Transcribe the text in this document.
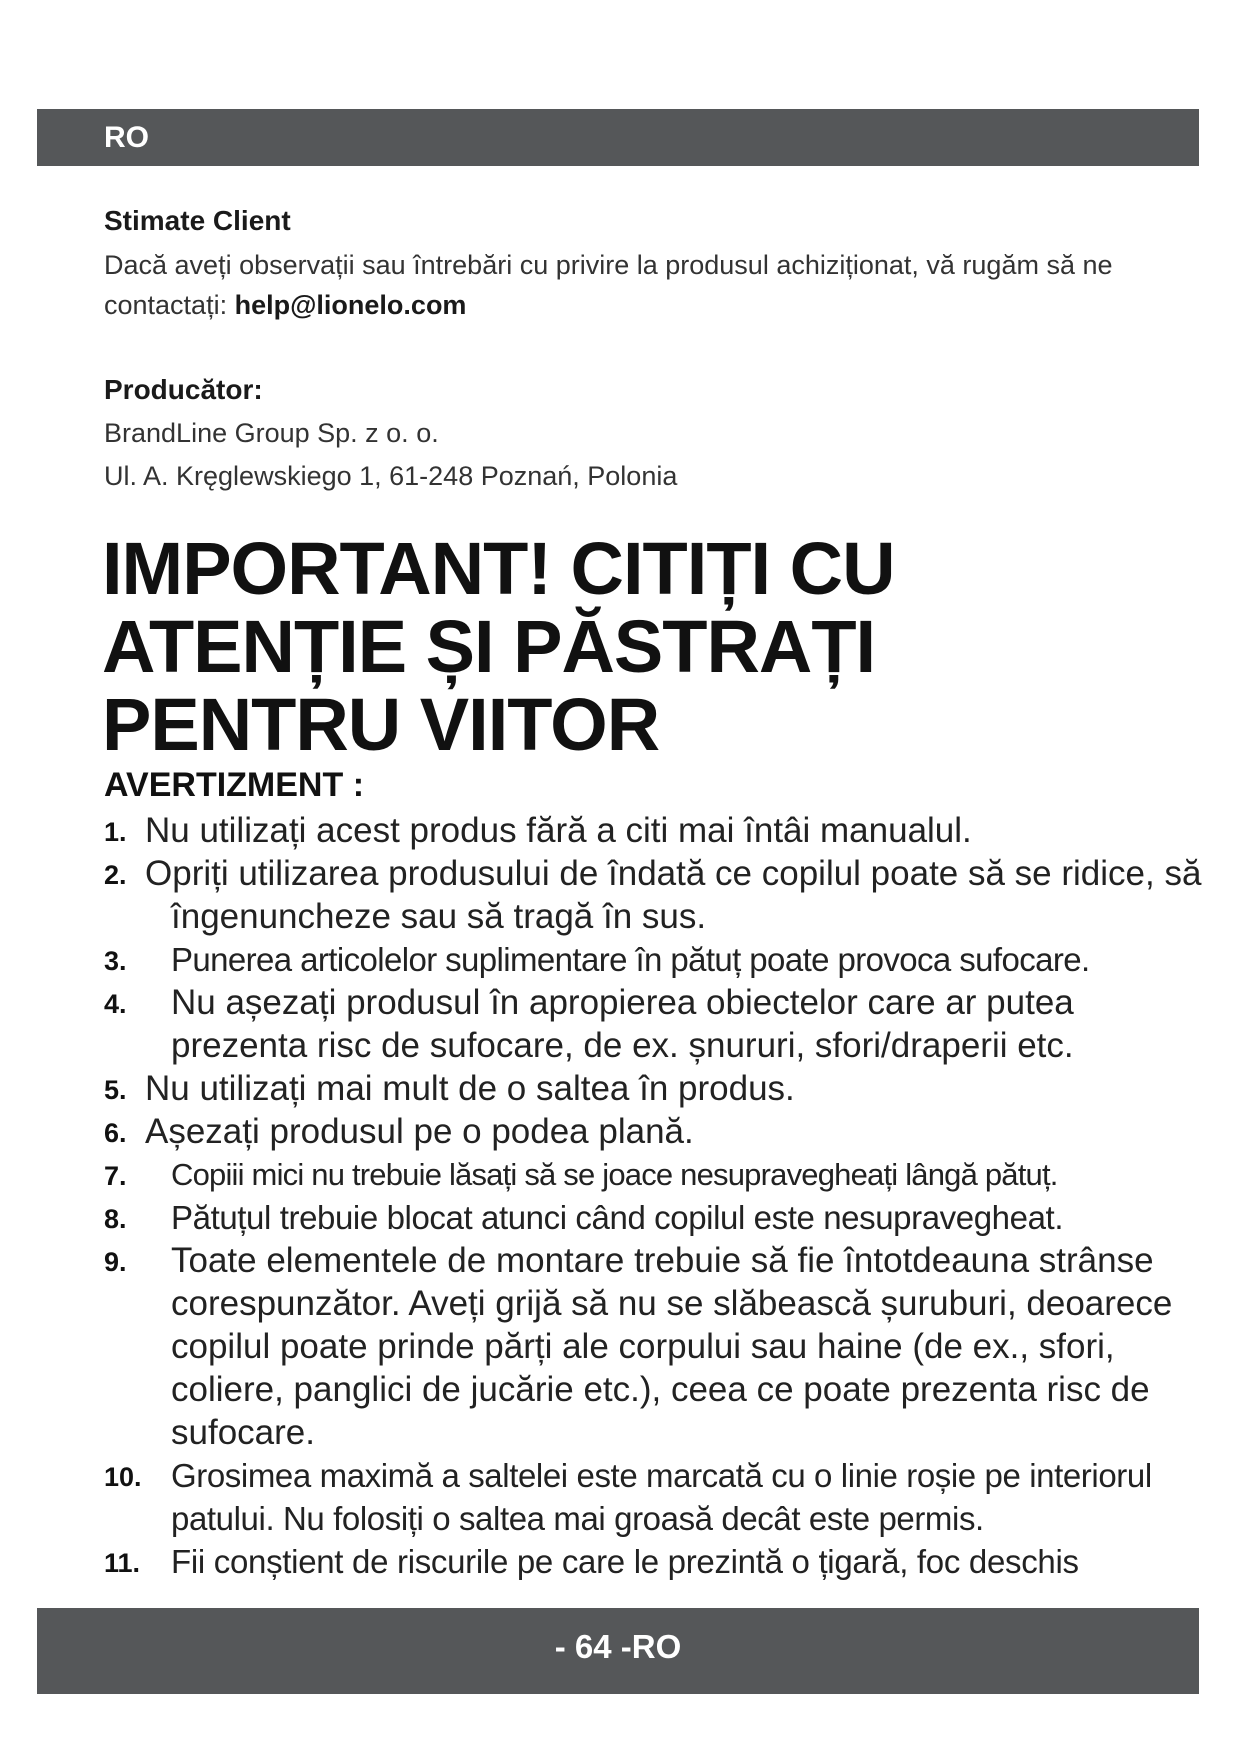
RO
Stimate Client

Dacă aveți observații sau întrebări cu privire la produsul achiziționat, vă rugăm să ne contactați: help@lionelo.com

Producător:
BrandLine Group Sp. z o. o.
Ul. A. Kręglewskiego 1, 61-248 Poznań, Polonia
IMPORTANT! CITIȚI CU
ATENȚIE ȘI PĂSTRAȚI
PENTRU VIITOR
AVERTIZMENT :
1. Nu utilizați acest produs fără a citi mai întâi manualul.
2. Opriți utilizarea produsului de îndată ce copilul poate să se ridice, să îngenuncheze sau să tragă în sus.
3.	Punerea articolelor suplimentare în pătuț poate provoca sufocare.
4.	Nu așezați produsul în apropierea obiectelor care ar putea prezenta risc de sufocare, de ex. șnururi, sfori/draperii etc.
5. Nu utilizați mai mult de o saltea în produs.
6. Așezați produsul pe o podea plană.
7.	Copiii mici nu trebuie lăsați să se joace nesupravegheați lângă pătuț.
8.	Pătuțul trebuie blocat atunci când copilul este nesupravegheat.
9.	Toate elementele de montare trebuie să fie întotdeauna strânse corespunzător. Aveți grijă să nu se slăbească șuruburi, deoarece copilul poate prinde părți ale corpului sau haine (de ex., sfori, coliere, panglici de jucărie etc.), ceea ce poate prezenta risc de sufocare.
10. Grosimea maximă a saltelei este marcată cu o linie roșie pe interiorul patului. Nu folosiți o saltea mai groasă decât este permis.
11. Fii conștient de riscurile pe care le prezintă o țigară, foc deschis
- 64 -RO
